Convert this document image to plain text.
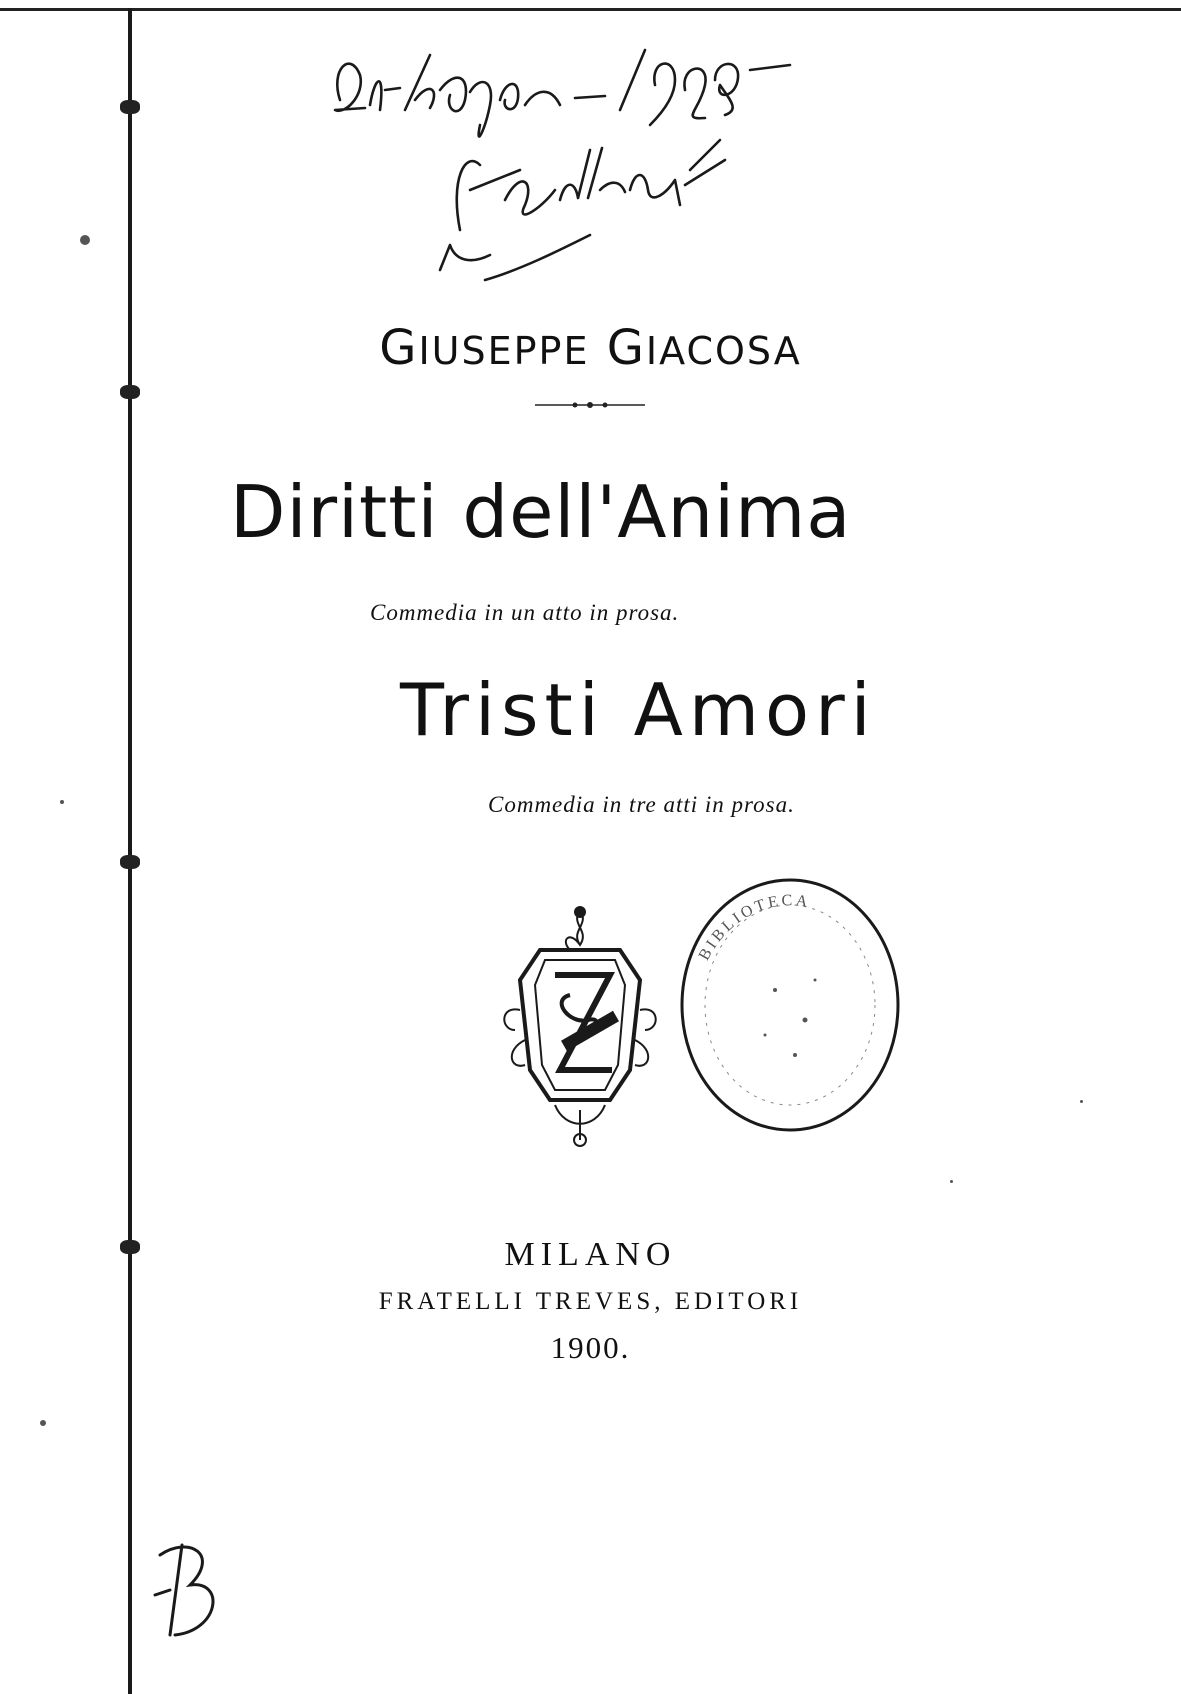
GIUSEPPE GIACOSA
Diritti dell'Anima
Commedia in un atto in prosa.
Tristi Amori
Commedia in tre atti in prosa.
BIBLIOTECA
MILANO
FRATELLI TREVES, EDITORI
1900.
